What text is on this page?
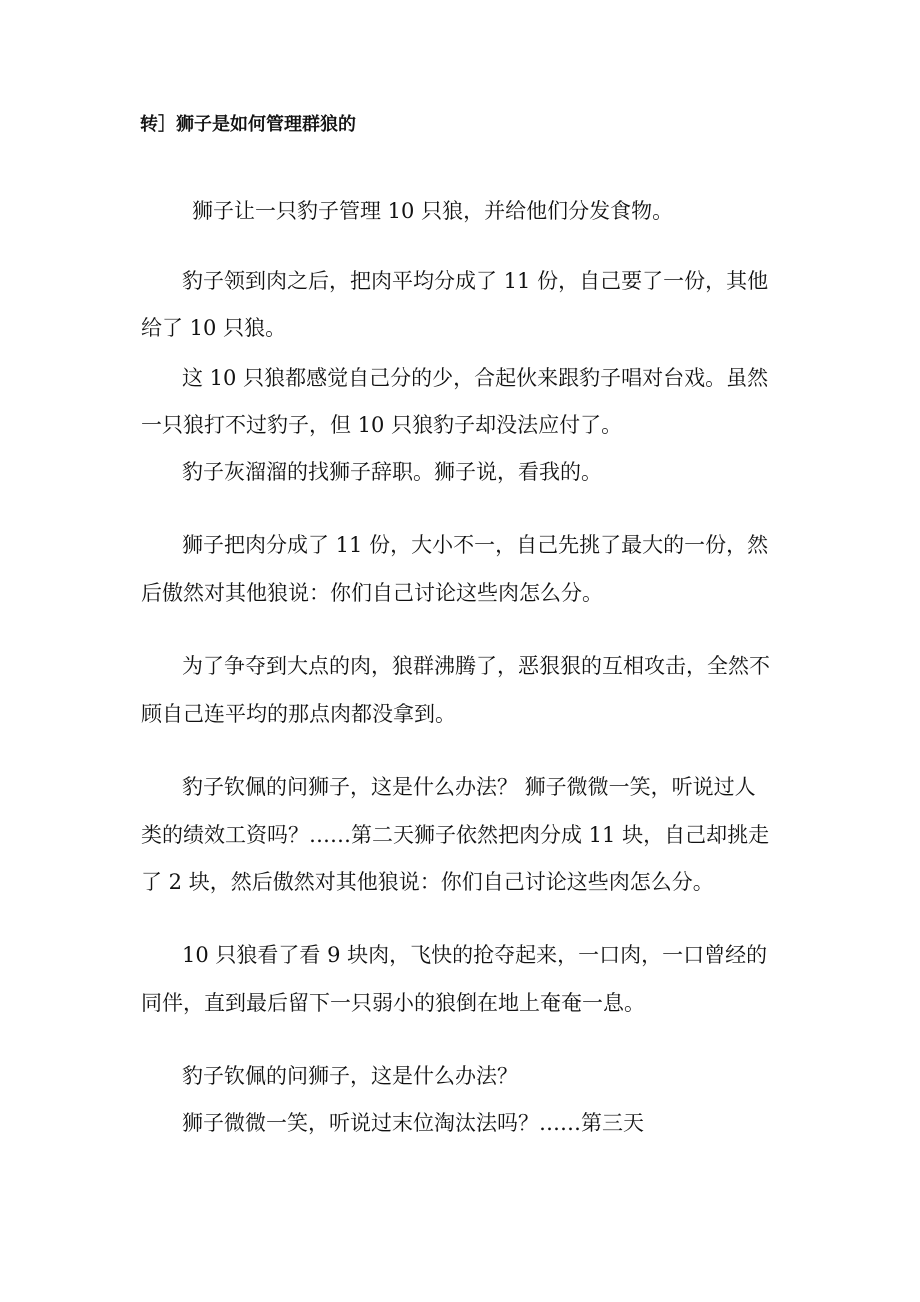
转］狮子是如何管理群狼的
狮子让一只豹子管理 10 只狼，并给他们分发食物。
豹子领到肉之后，把肉平均分成了 11 份，自己要了一份，其他
给了 10 只狼。
这 10 只狼都感觉自己分的少，合起伙来跟豹子唱对台戏。虽然
一只狼打不过豹子，但 10 只狼豹子却没法应付了。
豹子灰溜溜的找狮子辞职。狮子说，看我的。
狮子把肉分成了 11 份，大小不一，自己先挑了最大的一份，然
后傲然对其他狼说：你们自己讨论这些肉怎么分。
为了争夺到大点的肉，狼群沸腾了，恶狠狠的互相攻击，全然不
顾自己连平均的那点肉都没拿到。
豹子钦佩的问狮子，这是什么办法？ 狮子微微一笑，听说过人
类的绩效工资吗？……第二天狮子依然把肉分成 11 块，自己却挑走
了 2 块，然后傲然对其他狼说：你们自己讨论这些肉怎么分。
10 只狼看了看 9 块肉，飞快的抢夺起来，一口肉，一口曾经的
同伴，直到最后留下一只弱小的狼倒在地上奄奄一息。
豹子钦佩的问狮子，这是什么办法？
狮子微微一笑，听说过末位淘汰法吗？……第三天
